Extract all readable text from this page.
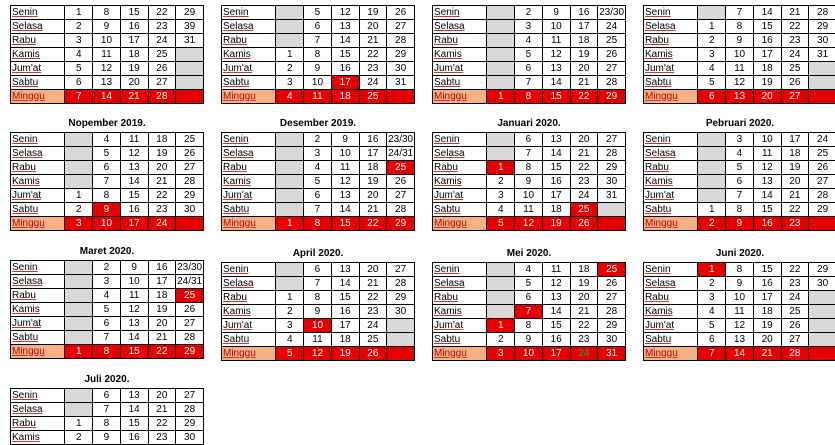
Senin	1	8	15	22	29
Selasa	2	9	16	23	39
Rabu	3	10	17	24	31
Kamis	4	11	18	25	
Jum'at	5	12	19	26	
Sabtu	6	13	20	27	
Minggu	7	14	21	28	
Senin		5	12	19	26
Selasa		6	13	20	27
Rabu		7	14	21	28
Kamis	1	8	15	22	29
Jum'at	2	9	16	23	30
Sabtu	3	10	17	24	31
Minggu	4	11	18	25	
Senin		2	9	16	23/30
Selasa		3	10	17	24
Rabu		4	11	18	25
Kamis		5	12	19	26
Jum'at		6	13	20	27
Sabtu		7	14	21	28
Minggu	1	8	15	22	29
Senin		7	14	21	28
Selasa	1	8	15	22	29
Rabu	2	9	16	23	30
Kamis	3	10	17	24	31
Jum'at	4	11	18	25	
Sabtu	5	12	19	26	
Minggu	6	13	20	27	
Nopember 2019.
Senin		4	11	18	25
Selasa		5	12	19	26
Rabu		6	13	20	27
Kamis		7	14	21	28
Jum'at	1	8	15	22	29
Sabtu	2	9	16	23	30
Minggu	3	10	17	24	
Desember 2019.
Senin		2	9	16	23/30
Selasa		3	10	17	24/31
Rabu		4	11	18	25
Kamis		5	12	19	26
Jum'at		6	13	20	27
Sabtu		7	14	21	28
Minggu	1	8	15	22	29
Januari 2020.
Senin		6	13	20	27
Selasa		7	14	21	28
Rabu	1	8	15	22	29
Kamis	2	9	16	23	30
Jum'at	3	10	17	24	31
Sabtu	4	11	18	25	
Minggu	5	12	19	26	
Pebruari 2020.
Senin		3	10	17	24
Selasa		4	11	18	25
Rabu		5	12	19	26
Kamis		6	13	20	27
Jum'at		7	14	21	28
Sabtu	1	8	15	22	29
Minggu	2	9	16	23	
Maret 2020.
Senin		2	9	16	23/30
Selasa		3	10	17	24/31
Rabu		4	11	18	25
Kamis		5	12	19	26
Jum'at		6	13	20	27
Sabtu		7	14	21	28
Minggu	1	8	15	22	29
April 2020.
Senin		6	13	20	27
Selasa		7	14	21	28
Rabu	1	8	15	22	29
Kamis	2	9	16	23	30
Jum'at	3	10	17	24	
Sabtu	4	11	18	25	
Minggu	5	12	19	26	
Mei 2020.
Senin		4	11	18	25
Selasa		5	12	19	26
Rabu		6	13	20	27
Kamis		7	14	21	28
Jum'at	1	8	15	22	29
Sabtu	2	9	16	23	30
Minggu	3	10	17	24	31
Juni 2020.
Senin	1	8	15	22	29
Selasa	2	9	16	23	30
Rabu	3	10	17	24	
Kamis	4	11	18	25	
Jum'at	5	12	19	26	
Sabtu	6	13	20	27	
Minggu	7	14	21	28	
Juli 2020.
Senin		6	13	20	27
Selasa		7	14	21	28
Rabu	1	8	15	22	29
Kamis	2	9	16	23	30
